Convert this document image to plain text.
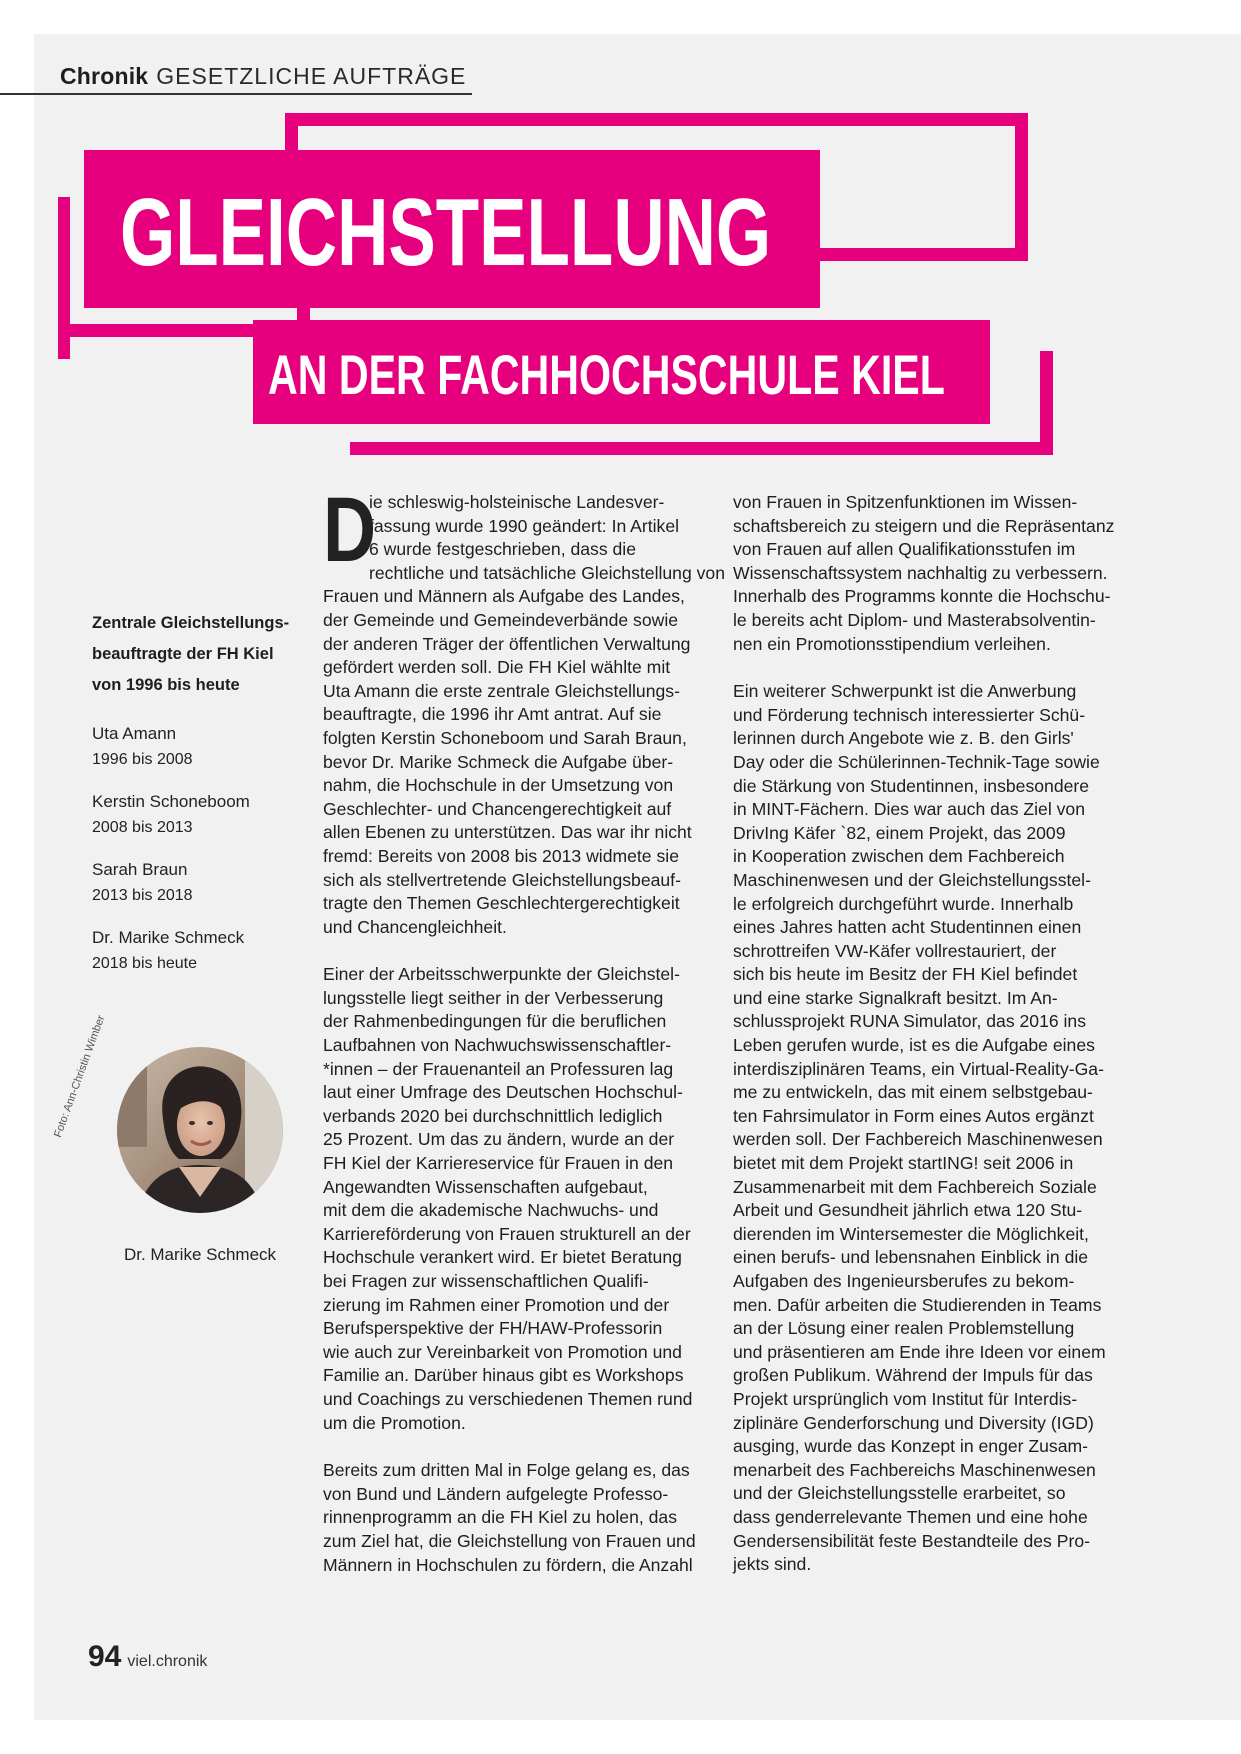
Chronik GESETZLICHE AUFTRÄGE
GLEICHSTELLUNG
AN DER FACHHOCHSCHULE KIEL
Zentrale Gleichstellungs-
beauftragte der FH Kiel
von 1996 bis heute
Uta Amann
1996 bis 2008
Kerstin Schoneboom
2008 bis 2013
Sarah Braun
2013 bis 2018
Dr. Marike Schmeck
2018 bis heute
Foto: Ann-Christin Wimber
Dr. Marike Schmeck

D
ie schleswig-holsteinische Landesver-
fassung wurde 1990 geändert: In Artikel
6 wurde festgeschrieben, dass die
rechtliche und tatsächliche Gleichstellung von
Frauen und Männern als Aufgabe des Landes,
der Gemeinde und Gemeindeverbände sowie
der anderen Träger der öffentlichen Verwaltung
gefördert werden soll. Die FH Kiel wählte mit
Uta Amann die erste zentrale Gleichstellungs-
beauftragte, die 1996 ihr Amt antrat. Auf sie
folgten Kerstin Schoneboom und Sarah Braun,
bevor Dr. Marike Schmeck die Aufgabe über-
nahm, die Hochschule in der Umsetzung von
Geschlechter- und Chancengerechtigkeit auf
allen Ebenen zu unterstützen. Das war ihr nicht
fremd: Bereits von 2008 bis 2013 widmete sie
sich als stellvertretende Gleichstellungsbeauf-
tragte den Themen Geschlechtergerechtigkeit
und Chancengleichheit.

Einer der Arbeitsschwerpunkte der Gleichstel-
lungsstelle liegt seither in der Verbesserung
der Rahmenbedingungen für die beruflichen
Laufbahnen von Nachwuchswissenschaftler-
*innen – der Frauenanteil an Professuren lag
laut einer Umfrage des Deutschen Hochschul-
verbands 2020 bei durchschnittlich lediglich
25 Prozent. Um das zu ändern, wurde an der
FH Kiel der Karriereservice für Frauen in den
Angewandten Wissenschaften aufgebaut,
mit dem die akademische Nachwuchs- und
Karriereförderung von Frauen strukturell an der
Hochschule verankert wird. Er bietet Beratung
bei Fragen zur wissenschaftlichen Qualifi-
zierung im Rahmen einer Promotion und der
Berufsperspektive der FH/HAW-Professorin
wie auch zur Vereinbarkeit von Promotion und
Familie an. Darüber hinaus gibt es Workshops
und Coachings zu verschiedenen Themen rund
um die Promotion.

Bereits zum dritten Mal in Folge gelang es, das
von Bund und Ländern aufgelegte Professo-
rinnenprogramm an die FH Kiel zu holen, das
zum Ziel hat, die Gleichstellung von Frauen und
Männern in Hochschulen zu fördern, die Anzahl

von Frauen in Spitzenfunktionen im Wissen-
schaftsbereich zu steigern und die Repräsentanz
von Frauen auf allen Qualifikationsstufen im
Wissenschaftssystem nachhaltig zu verbessern.
Innerhalb des Programms konnte die Hochschu-
le bereits acht Diplom- und Masterabsolventin-
nen ein Promotionsstipendium verleihen.

Ein weiterer Schwerpunkt ist die Anwerbung
und Förderung technisch interessierter Schü-
lerinnen durch Angebote wie z. B. den Girls'
Day oder die Schülerinnen-Technik-Tage sowie
die Stärkung von Studentinnen, insbesondere
in MINT-Fächern. Dies war auch das Ziel von
DrivIng Käfer `82, einem Projekt, das 2009
in Kooperation zwischen dem Fachbereich
Maschinenwesen und der Gleichstellungsstel-
le erfolgreich durchgeführt wurde. Innerhalb
eines Jahres hatten acht Studentinnen einen
schrottreifen VW-Käfer vollrestauriert, der
sich bis heute im Besitz der FH Kiel befindet
und eine starke Signalkraft besitzt. Im An-
schlussprojekt RUNA Simulator, das 2016 ins
Leben gerufen wurde, ist es die Aufgabe eines
interdisziplinären Teams, ein Virtual-Reality-Ga-
me zu entwickeln, das mit einem selbstgebau-
ten Fahrsimulator in Form eines Autos ergänzt
werden soll. Der Fachbereich Maschinenwesen
bietet mit dem Projekt startING! seit 2006 in
Zusammenarbeit mit dem Fachbereich Soziale
Arbeit und Gesundheit jährlich etwa 120 Stu-
dierenden im Wintersemester die Möglichkeit,
einen berufs- und lebensnahen Einblick in die
Aufgaben des Ingenieursberufes zu bekom-
men. Dafür arbeiten die Studierenden in Teams
an der Lösung einer realen Problemstellung
und präsentieren am Ende ihre Ideen vor einem
großen Publikum. Während der Impuls für das
Projekt ursprünglich vom Institut für Interdis-
ziplinäre Genderforschung und Diversity (IGD)
ausging, wurde das Konzept in enger Zusam-
menarbeit des Fachbereichs Maschinenwesen
und der Gleichstellungsstelle erarbeitet, so
dass genderrelevante Themen und eine hohe
Gendersensibilität feste Bestandteile des Pro-
jekts sind.

94 viel.chronik
